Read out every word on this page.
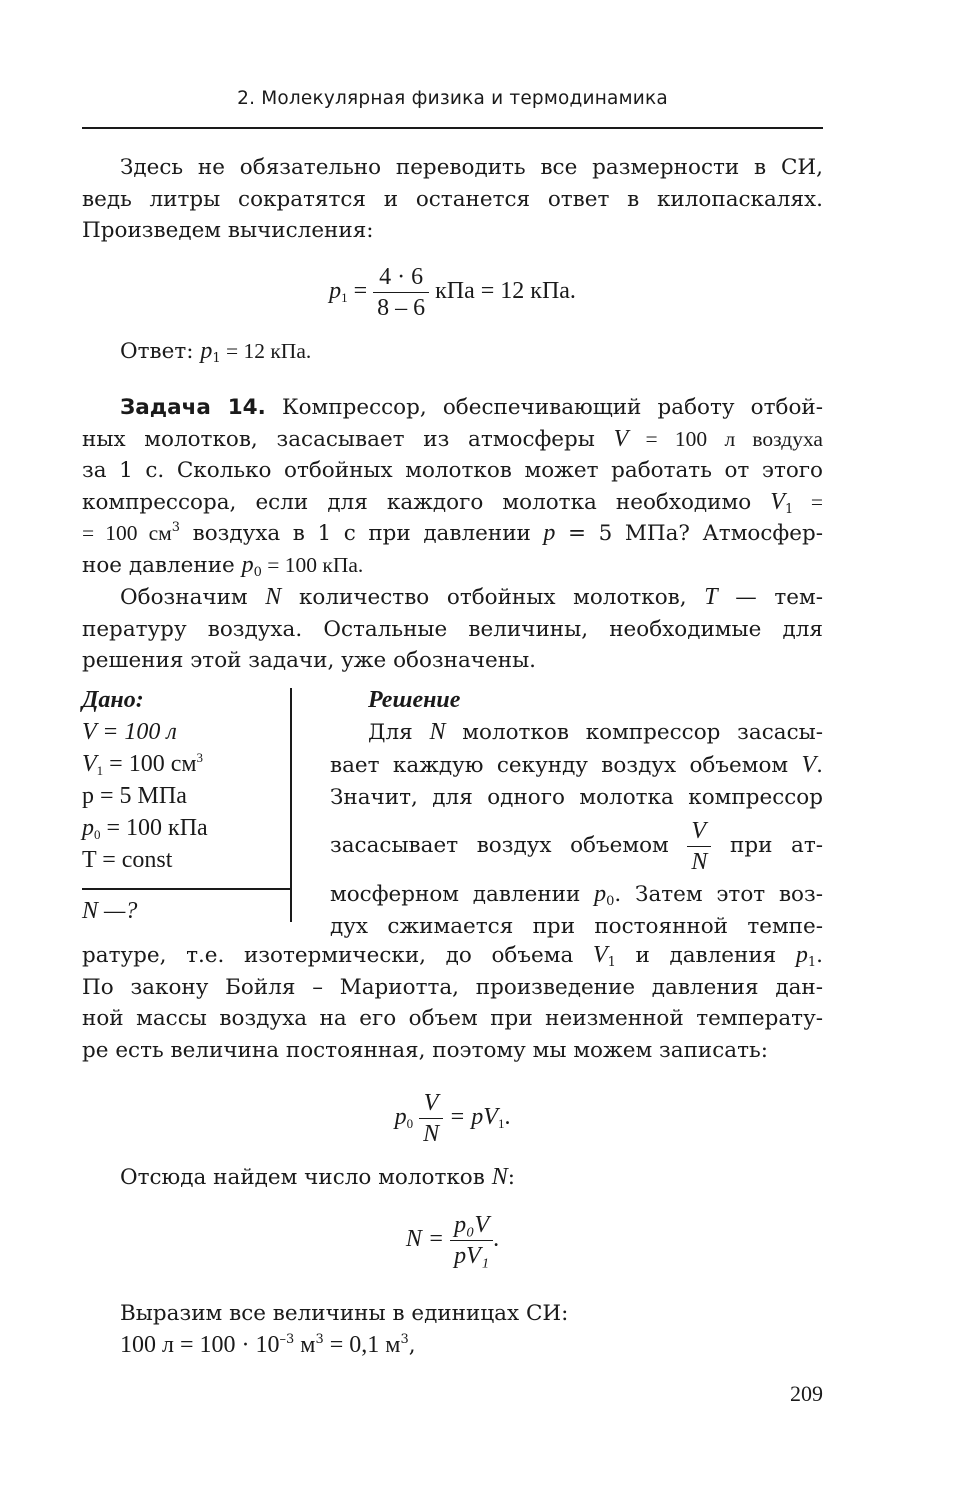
2. Молекулярная физика и термодинамика
Здесь не обязательно переводить все размерности в СИ,
ведь литры сократятся и останется ответ в килопаскалях.
Произведем вычисления:
$p_1 = \frac{4 \cdot 6}{8 - 6}$ кПа = 12 кПа.
Ответ: $p_1 = 12$ кПа.
Задача 14. Компрессор, обеспечивающий работу отбой-
ных молотков, засасывает из атмосферы V = 100 л воздуха
за 1 с. Сколько отбойных молотков может работать от этого
компрессора, если для каждого молотка необходимо $V_1$ =
= 100 $см^3$ воздуха в 1 с при давлении p = 5 МПа? Атмосфер-
ное давление $p_0 = 100$ кПа.
Обозначим N количество отбойных молотков, T — тем-
пературу воздуха. Остальные величины, необходимые для
решения этой задачи, уже обозначены.
Дано:
V = 100 л
$V_1 = 100$ $см^3$
p = 5 МПа
$p_0 = 100$ кПа
T = const
N —?
Решение
Для N молотков компрессор засасы-
вает каждую секунду воздух объемом V.
Значит, для одного молотка компрессор
засасывает воздух объемом $\frac{V}{N}$ при ат-
мосферном давлении $p_0$. Затем этот воз-
дух сжимается при постоянной темпе-
ратуре, т.е. изотермически, до объема $V_1$ и давления $p_1$.
По закону Бойля – Мариотта, произведение давления дан-
ной массы воздуха на его объем при неизменной температу-
ре есть величина постоянная, поэтому мы можем записать:
$p_0 \frac{V}{N} = pV_1$.
Отсюда найдем число молотков N:
$N = \frac{\text{p₀V}}{\text{pV₁}}$ .
Выразим все величины в единицах СИ:
100 $л = 100 \cdot 10^{-3}$ $м^3 = 0,1$ $м^3$,
209
